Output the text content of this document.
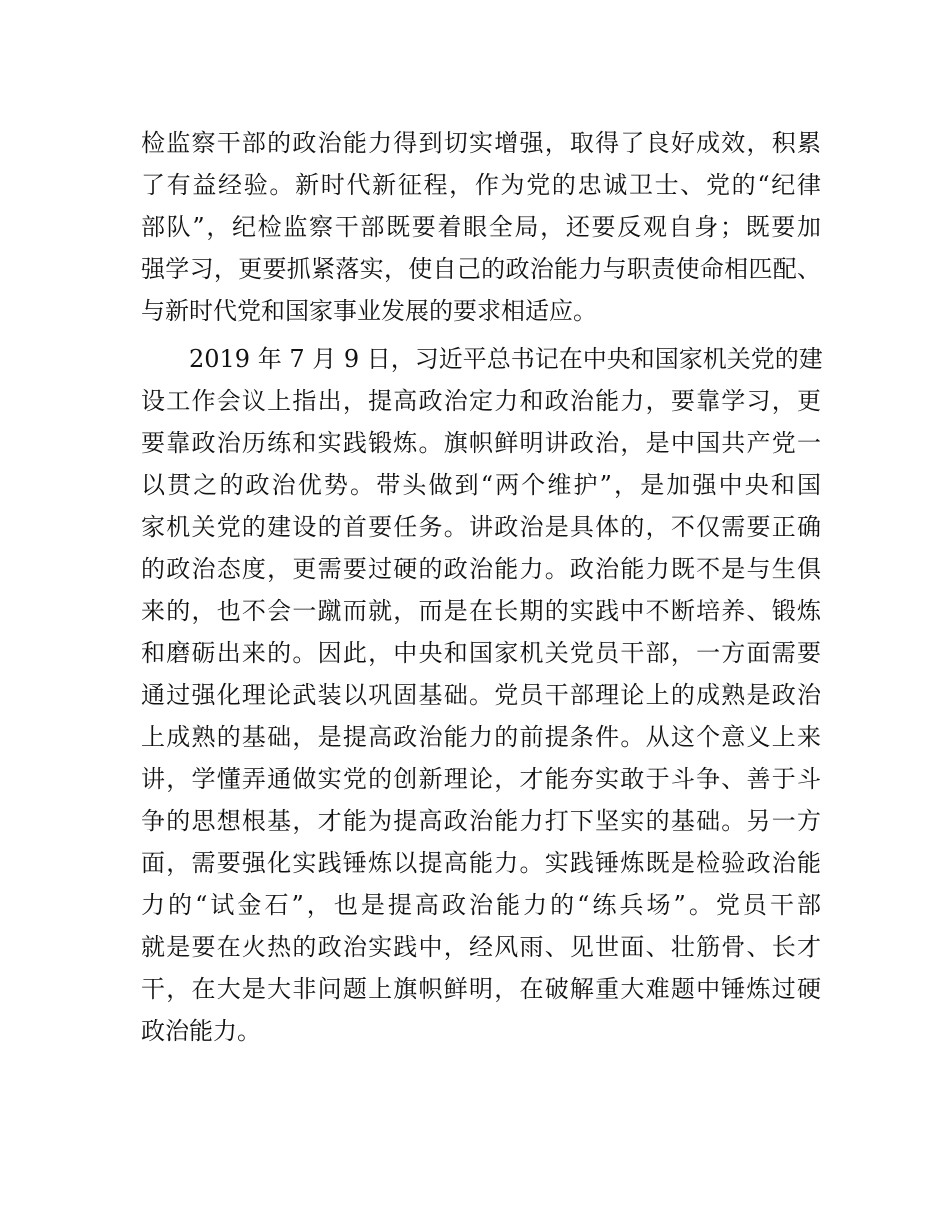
检监察干部的政治能力得到切实增强，取得了良好成效，积累
了有益经验。新时代新征程，作为党的忠诚卫士、党的“纪律
部队”，纪检监察干部既要着眼全局，还要反观自身；既要加
强学习，更要抓紧落实，使自己的政治能力与职责使命相匹配、
与新时代党和国家事业发展的要求相适应。
2019 年 7 月 9 日，习近平总书记在中央和国家机关党的建
设工作会议上指出，提高政治定力和政治能力，要靠学习，更
要靠政治历练和实践锻炼。旗帜鲜明讲政治，是中国共产党一
以贯之的政治优势。带头做到“两个维护”，是加强中央和国
家机关党的建设的首要任务。讲政治是具体的，不仅需要正确
的政治态度，更需要过硬的政治能力。政治能力既不是与生俱
来的，也不会一蹴而就，而是在长期的实践中不断培养、锻炼
和磨砺出来的。因此，中央和国家机关党员干部，一方面需要
通过强化理论武装以巩固基础。党员干部理论上的成熟是政治
上成熟的基础，是提高政治能力的前提条件。从这个意义上来
讲，学懂弄通做实党的创新理论，才能夯实敢于斗争、善于斗
争的思想根基，才能为提高政治能力打下坚实的基础。另一方
面，需要强化实践锤炼以提高能力。实践锤炼既是检验政治能
力的“试金石”，也是提高政治能力的“练兵场”。党员干部
就是要在火热的政治实践中，经风雨、见世面、壮筋骨、长才
干，在大是大非问题上旗帜鲜明，在破解重大难题中锤炼过硬
政治能力。
